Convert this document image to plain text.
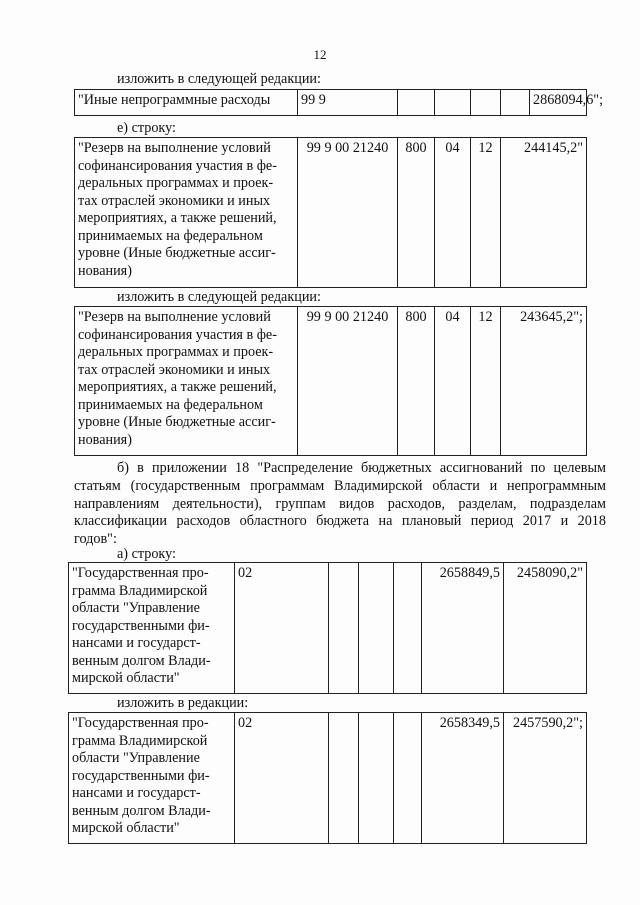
12
изложить в следующей редакции:
"Иные непрограммные расходы	99 9					2868094,6";
е) строку:
"Резерв на выполнение условий
софинансирования участия в фе-
деральных программах и проек-
тах отраслей экономики и иных
мероприятиях, а также решений,
принимаемых на федеральном
уровне (Иные бюджетные ассиг-
нования)	99 9 00 21240	800	04	12	244145,2"
изложить в следующей редакции:
"Резерв на выполнение условий
софинансирования участия в фе-
деральных программах и проек-
тах отраслей экономики и иных
мероприятиях, а также решений,
принимаемых на федеральном
уровне (Иные бюджетные ассиг-
нования)	99 9 00 21240	800	04	12	243645,2";
б) в приложении 18 "Распределение бюджетных ассигнований по целевым
статьям (государственным программам Владимирской области и непрограммным
направлениям деятельности), группам видов расходов, разделам, подразделам
классификации расходов областного бюджета на плановый период 2017 и 2018
годов":
а) строку:
"Государственная про-
грамма Владимирской
области "Управление
государственными фи-
нансами и государст-
венным долгом Влади-
мирской области"	02				2658849,5	2458090,2"
изложить в редакции:
"Государственная про-
грамма Владимирской
области "Управление
государственными фи-
нансами и государст-
венным долгом Влади-
мирской области"	02				2658349,5	2457590,2";
